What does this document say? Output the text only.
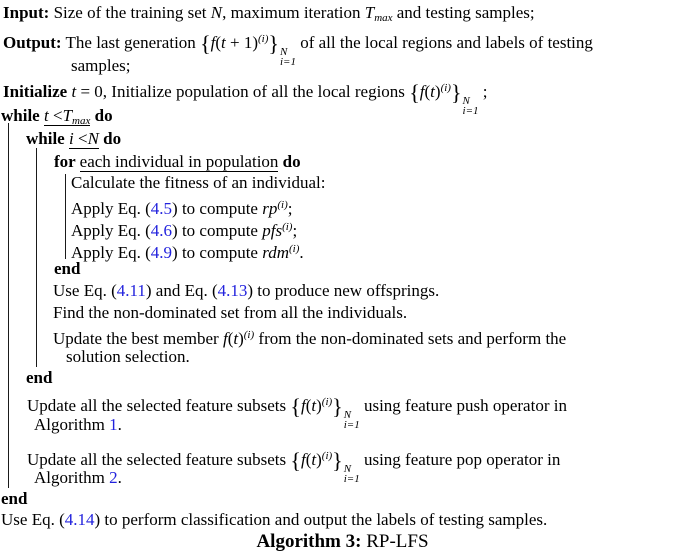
Input: Size of the training set N, maximum iteration Tmax and testing samples;
Output: The last generation $\{f(t + 1)^{(i)}\}$ N
i=1
of all the local regions and labels of testing
samples;
Initialize t = 0, Initialize population of all the local regions $\{f(t)^{(i)}\}$ N
i=1
;
while t <Tmax do
while i <N do
for each individual in population do
Calculate the fitness of an individual:
Apply Eq. (4.5) to compute $rp^{(i)}$;
Apply Eq. (4.6) to compute pfs$^{(i)}$;
Apply Eq. (4.9) to compute rdm$^{(i)}$.
end
Use Eq. (4.11) and Eq. (4.13) to produce new offsprings.
Find the non-dominated set from all the individuals.
Update the best member $f(t)^{(i)}$ from the non-dominated sets and perform the
solution selection.
end
Update all the selected feature subsets $\{f(t)^{(i)}\}$ N
i=1
using feature push operator in
Algorithm 1.
Update all the selected feature subsets $\{f(t)^{(i)}\}$ N
i=1
using feature pop operator in
Algorithm 2.
end
Use Eq. (4.14) to perform classification and output the labels of testing samples.
Algorithm 3: RP-LFS
